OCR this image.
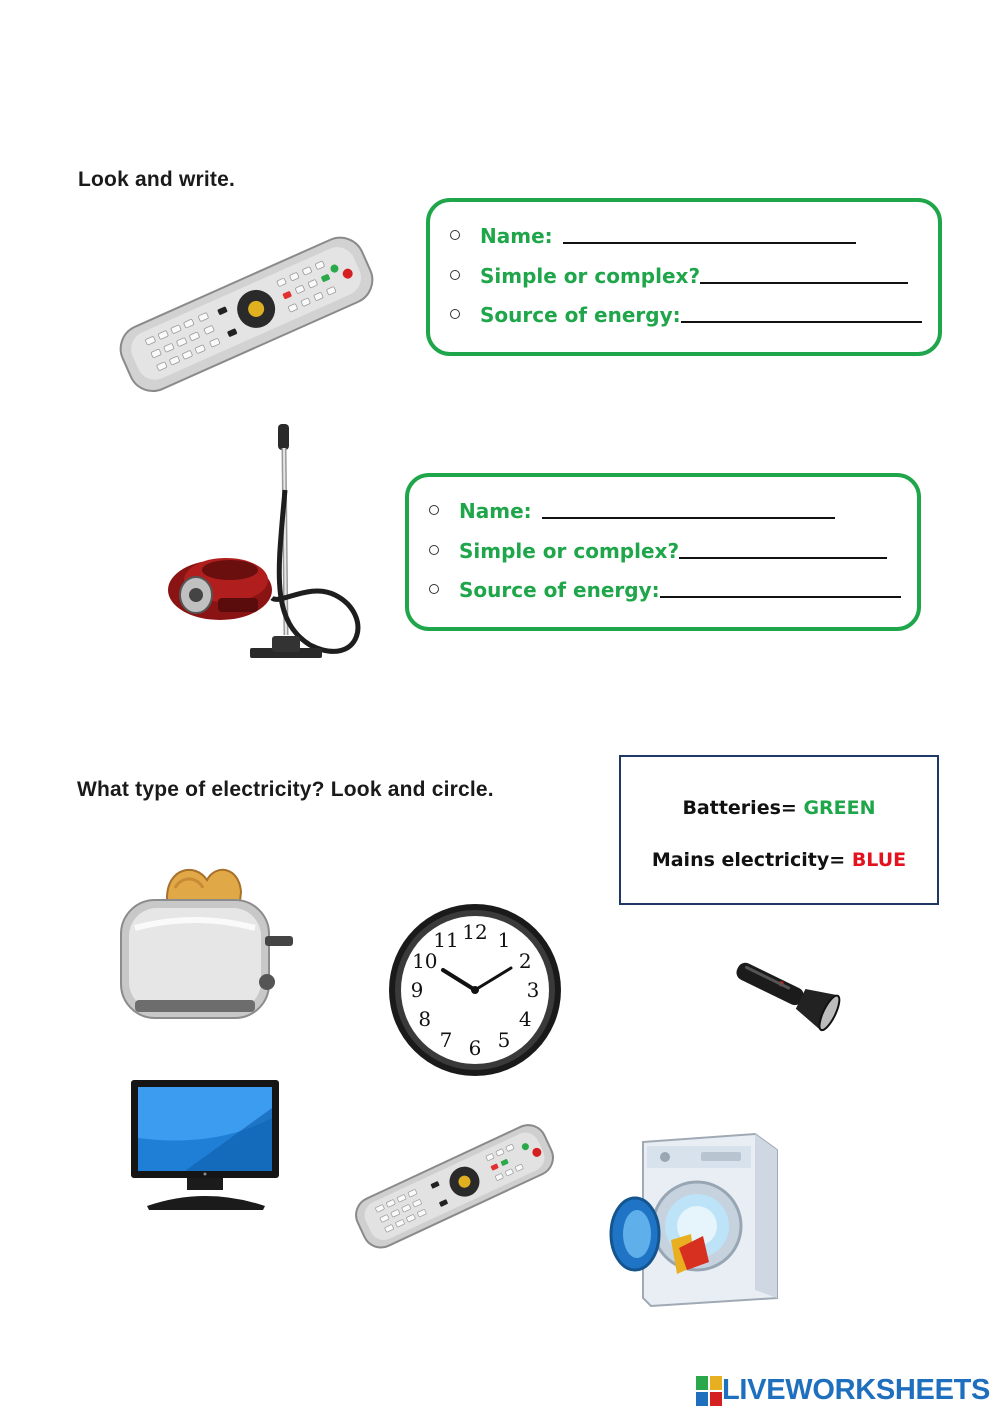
Look and write.
Name:
Simple or complex?
Source of energy:
Name:
Simple or complex?
Source of energy:
What type of electricity? Look and circle.
Batteries= GREEN
Mains electricity= BLUE
12 1
2
3
4
5
6
7
8
9
10
11
LIVEWORKSHEETS
